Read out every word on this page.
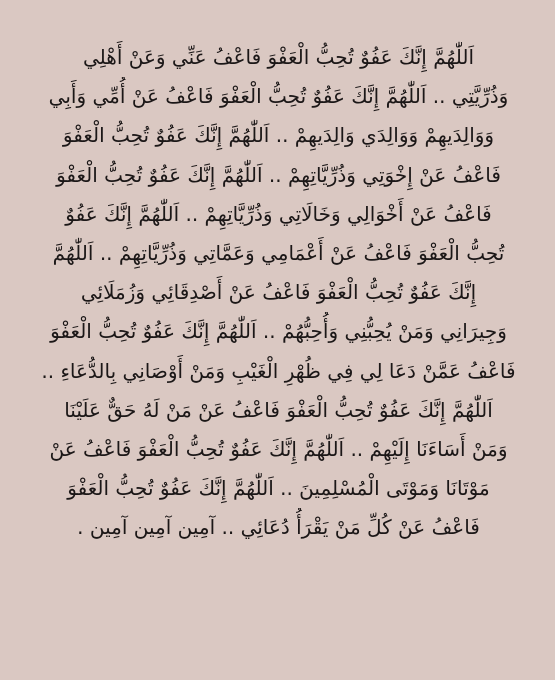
اَللّٰهُمَّ إِنَّكَ عَفُوٌ تُحِبُّ الْعَفْوَ فَاعْفُ عَنِّي وَعَنْ أَهْلِي
وَذُرِّيَّتِي .. اَللّٰهُمَّ إِنَّكَ عَفُوٌ تُحِبُّ الْعَفْوَ فَاعْفُ عَنْ أُمِّي وَأَبِي
وَوَالِدَيهِمْ وَوَالِدَي وَالِدَيهِمْ .. اَللّٰهُمَّ إِنَّكَ عَفُوٌ تُحِبُّ الْعَفْوَ
فَاعْفُ عَنْ إِخْوَتِي وَذُرِّيَّاتِهِمْ .. اَللّٰهُمَّ إِنَّكَ عَفُوٌ تُحِبُّ الْعَفْوَ
فَاعْفُ عَنْ أَخْوَالِي وَخَالَاتِي وَذُرِّيَّاتِهِمْ .. اَللّٰهُمَّ إِنَّكَ عَفُوٌ
تُحِبُّ الْعَفْوَ فَاعْفُ عَنْ أَعْمَامِي وَعَمَّاتِي وَذُرِّيَّاتِهِمْ .. اَللّٰهُمَّ
إِنَّكَ عَفُوٌ تُحِبُّ الْعَفْوَ فَاعْفُ عَنْ أَصْدِقَائِي وَزُمَلَائِي
وَجِيرَانِي وَمَنْ يُحِبُّنِي وَأُحِبُّهُمْ .. اَللّٰهُمَّ إِنَّكَ عَفُوٌ تُحِبُّ الْعَفْوَ
فَاعْفُ عَمَّنْ دَعَا لِي فِي ظُهْرِ الْغَيْبِ وَمَنْ أَوْصَانِي بِالدُّعَاءِ ..
اَللّٰهُمَّ إِنَّكَ عَفُوٌ تُحِبُّ الْعَفْوَ فَاعْفُ عَنْ مَنْ لَهُ حَقٌّ عَلَيْنَا
وَمَنْ أَسَاءَنَا إِلَيْهِمْ .. اَللّٰهُمَّ إِنَّكَ عَفُوٌ تُحِبُّ الْعَفْوَ فَاعْفُ عَنْ
مَوْتَانَا وَمَوْتَى الْمُسْلِمِينَ .. اَللّٰهُمَّ إِنَّكَ عَفُوٌ تُحِبُّ الْعَفْوَ
فَاعْفُ عَنْ كُلِّ مَنْ يَقْرَأُ دُعَائِي .. آمِين آمِين آمِين .
